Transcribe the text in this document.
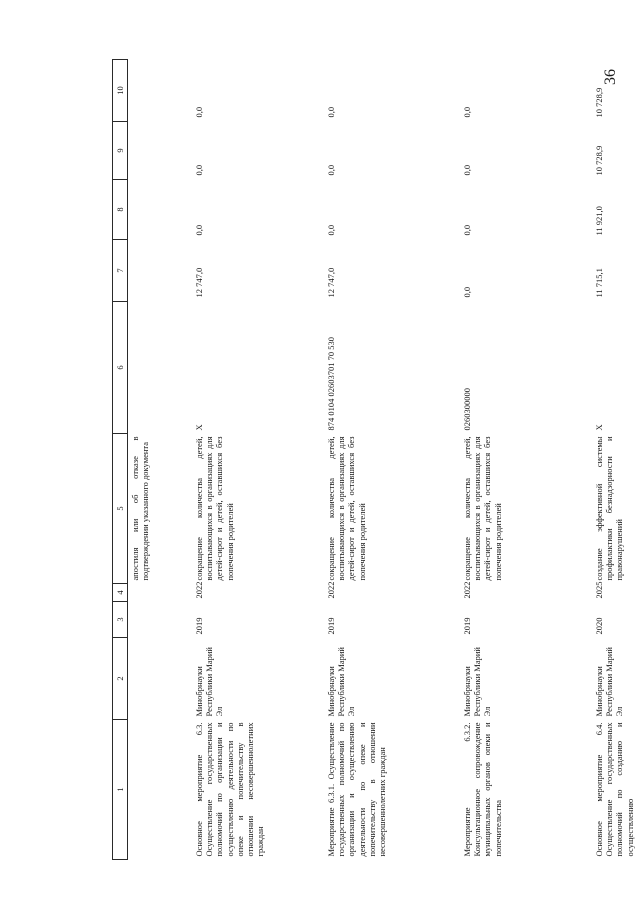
36
1	2	3	4	5	6	7	8	9	10
				апостиля или об отказе в подтверждении указанного документа					
Основное мероприятие 6.3. Осуществление государственных полномочий по организации и осуществлению деятельности по опеке и попечительству в отношении несовершеннолетних граждан	Минобрнауки Республики Марий Эл	2019	2022	сокращение количества детей, воспитывающихся в организациях для детей-сирот и детей, оставшихся без попечения родителей	X	12 747,0	0,0	0,0	0,0
Мероприятие 6.3.1. Осуществление государственных полномочий по организации и осуществлению деятельности по опеке и попечительству в отношении несовершеннолетних граждан	Минобрнауки Республики Марий Эл	2019	2022	сокращение количества детей, воспитывающихся в организациях для детей-сирот и детей, оставшихся без попечения родителей	874 0104 02603701 70 530	12 747,0	0,0	0,0	0,0
Мероприятие 6.3.2. Консультационное сопровождение муниципальных органов опеки и попечительства	Минобрнауки Республики Марий Эл	2019	2022	сокращение количества детей, воспитывающихся в организациях для детей-сирот и детей, оставшихся без попечения родителей	0260300000	0,0	0,0	0,0	0,0
Основное мероприятие 6.4. Осуществление государственных полномочий по созданию и осуществлению	Минобрнауки Республики Марий Эл	2020	2025	создание эффективной системы профилактики безнадзорности и правонарушений	X	11 715,1	11 921,0	10 728,9	10 728,9
